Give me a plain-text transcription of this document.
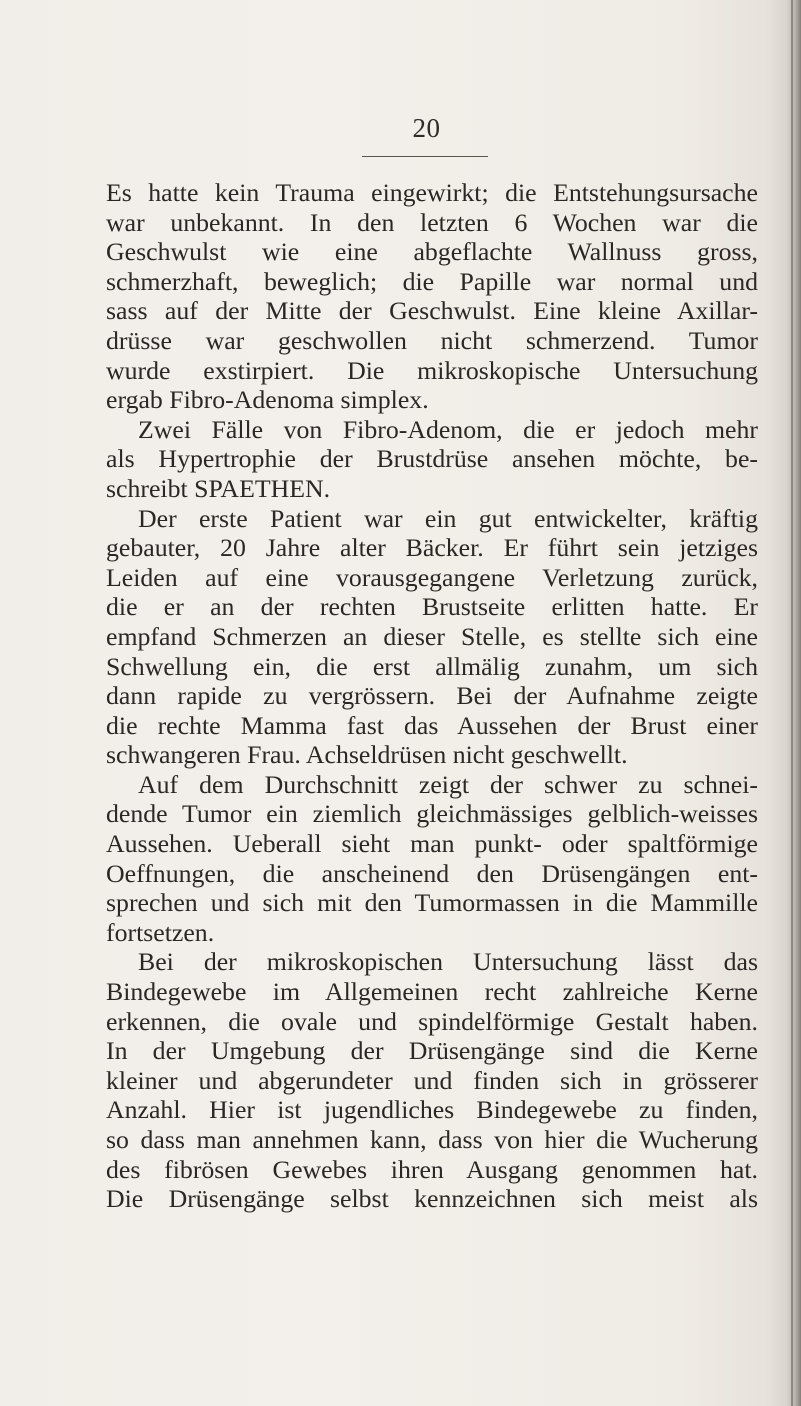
20
Es hatte kein Trauma eingewirkt; die Entstehungsursache
war unbekannt. In den letzten 6 Wochen war die
Geschwulst wie eine abgeflachte Wallnuss gross,
schmerzhaft, beweglich; die Papille war normal und
sass auf der Mitte der Geschwulst. Eine kleine Axillar-
drüsse war geschwollen nicht schmerzend. Tumor
wurde exstirpiert. Die mikroskopische Untersuchung
ergab Fibro-Adenoma simplex.
Zwei Fälle von Fibro-Adenom, die er jedoch mehr
als Hypertrophie der Brustdrüse ansehen möchte, be-
schreibt SPAETHEN.
Der erste Patient war ein gut entwickelter, kräftig
gebauter, 20 Jahre alter Bäcker. Er führt sein jetziges
Leiden auf eine vorausgegangene Verletzung zurück,
die er an der rechten Brustseite erlitten hatte. Er
empfand Schmerzen an dieser Stelle, es stellte sich eine
Schwellung ein, die erst allmälig zunahm, um sich
dann rapide zu vergrössern. Bei der Aufnahme zeigte
die rechte Mamma fast das Aussehen der Brust einer
schwangeren Frau. Achseldrüsen nicht geschwellt.
Auf dem Durchschnitt zeigt der schwer zu schnei-
dende Tumor ein ziemlich gleichmässiges gelblich-weisses
Aussehen. Ueberall sieht man punkt- oder spaltförmige
Oeffnungen, die anscheinend den Drüsengängen ent-
sprechen und sich mit den Tumormassen in die Mammille
fortsetzen.
Bei der mikroskopischen Untersuchung lässt das
Bindegewebe im Allgemeinen recht zahlreiche Kerne
erkennen, die ovale und spindelförmige Gestalt haben.
In der Umgebung der Drüsengänge sind die Kerne
kleiner und abgerundeter und finden sich in grösserer
Anzahl. Hier ist jugendliches Bindegewebe zu finden,
so dass man annehmen kann, dass von hier die Wucherung
des fibrösen Gewebes ihren Ausgang genommen hat.
Die Drüsengänge selbst kennzeichnen sich meist als
